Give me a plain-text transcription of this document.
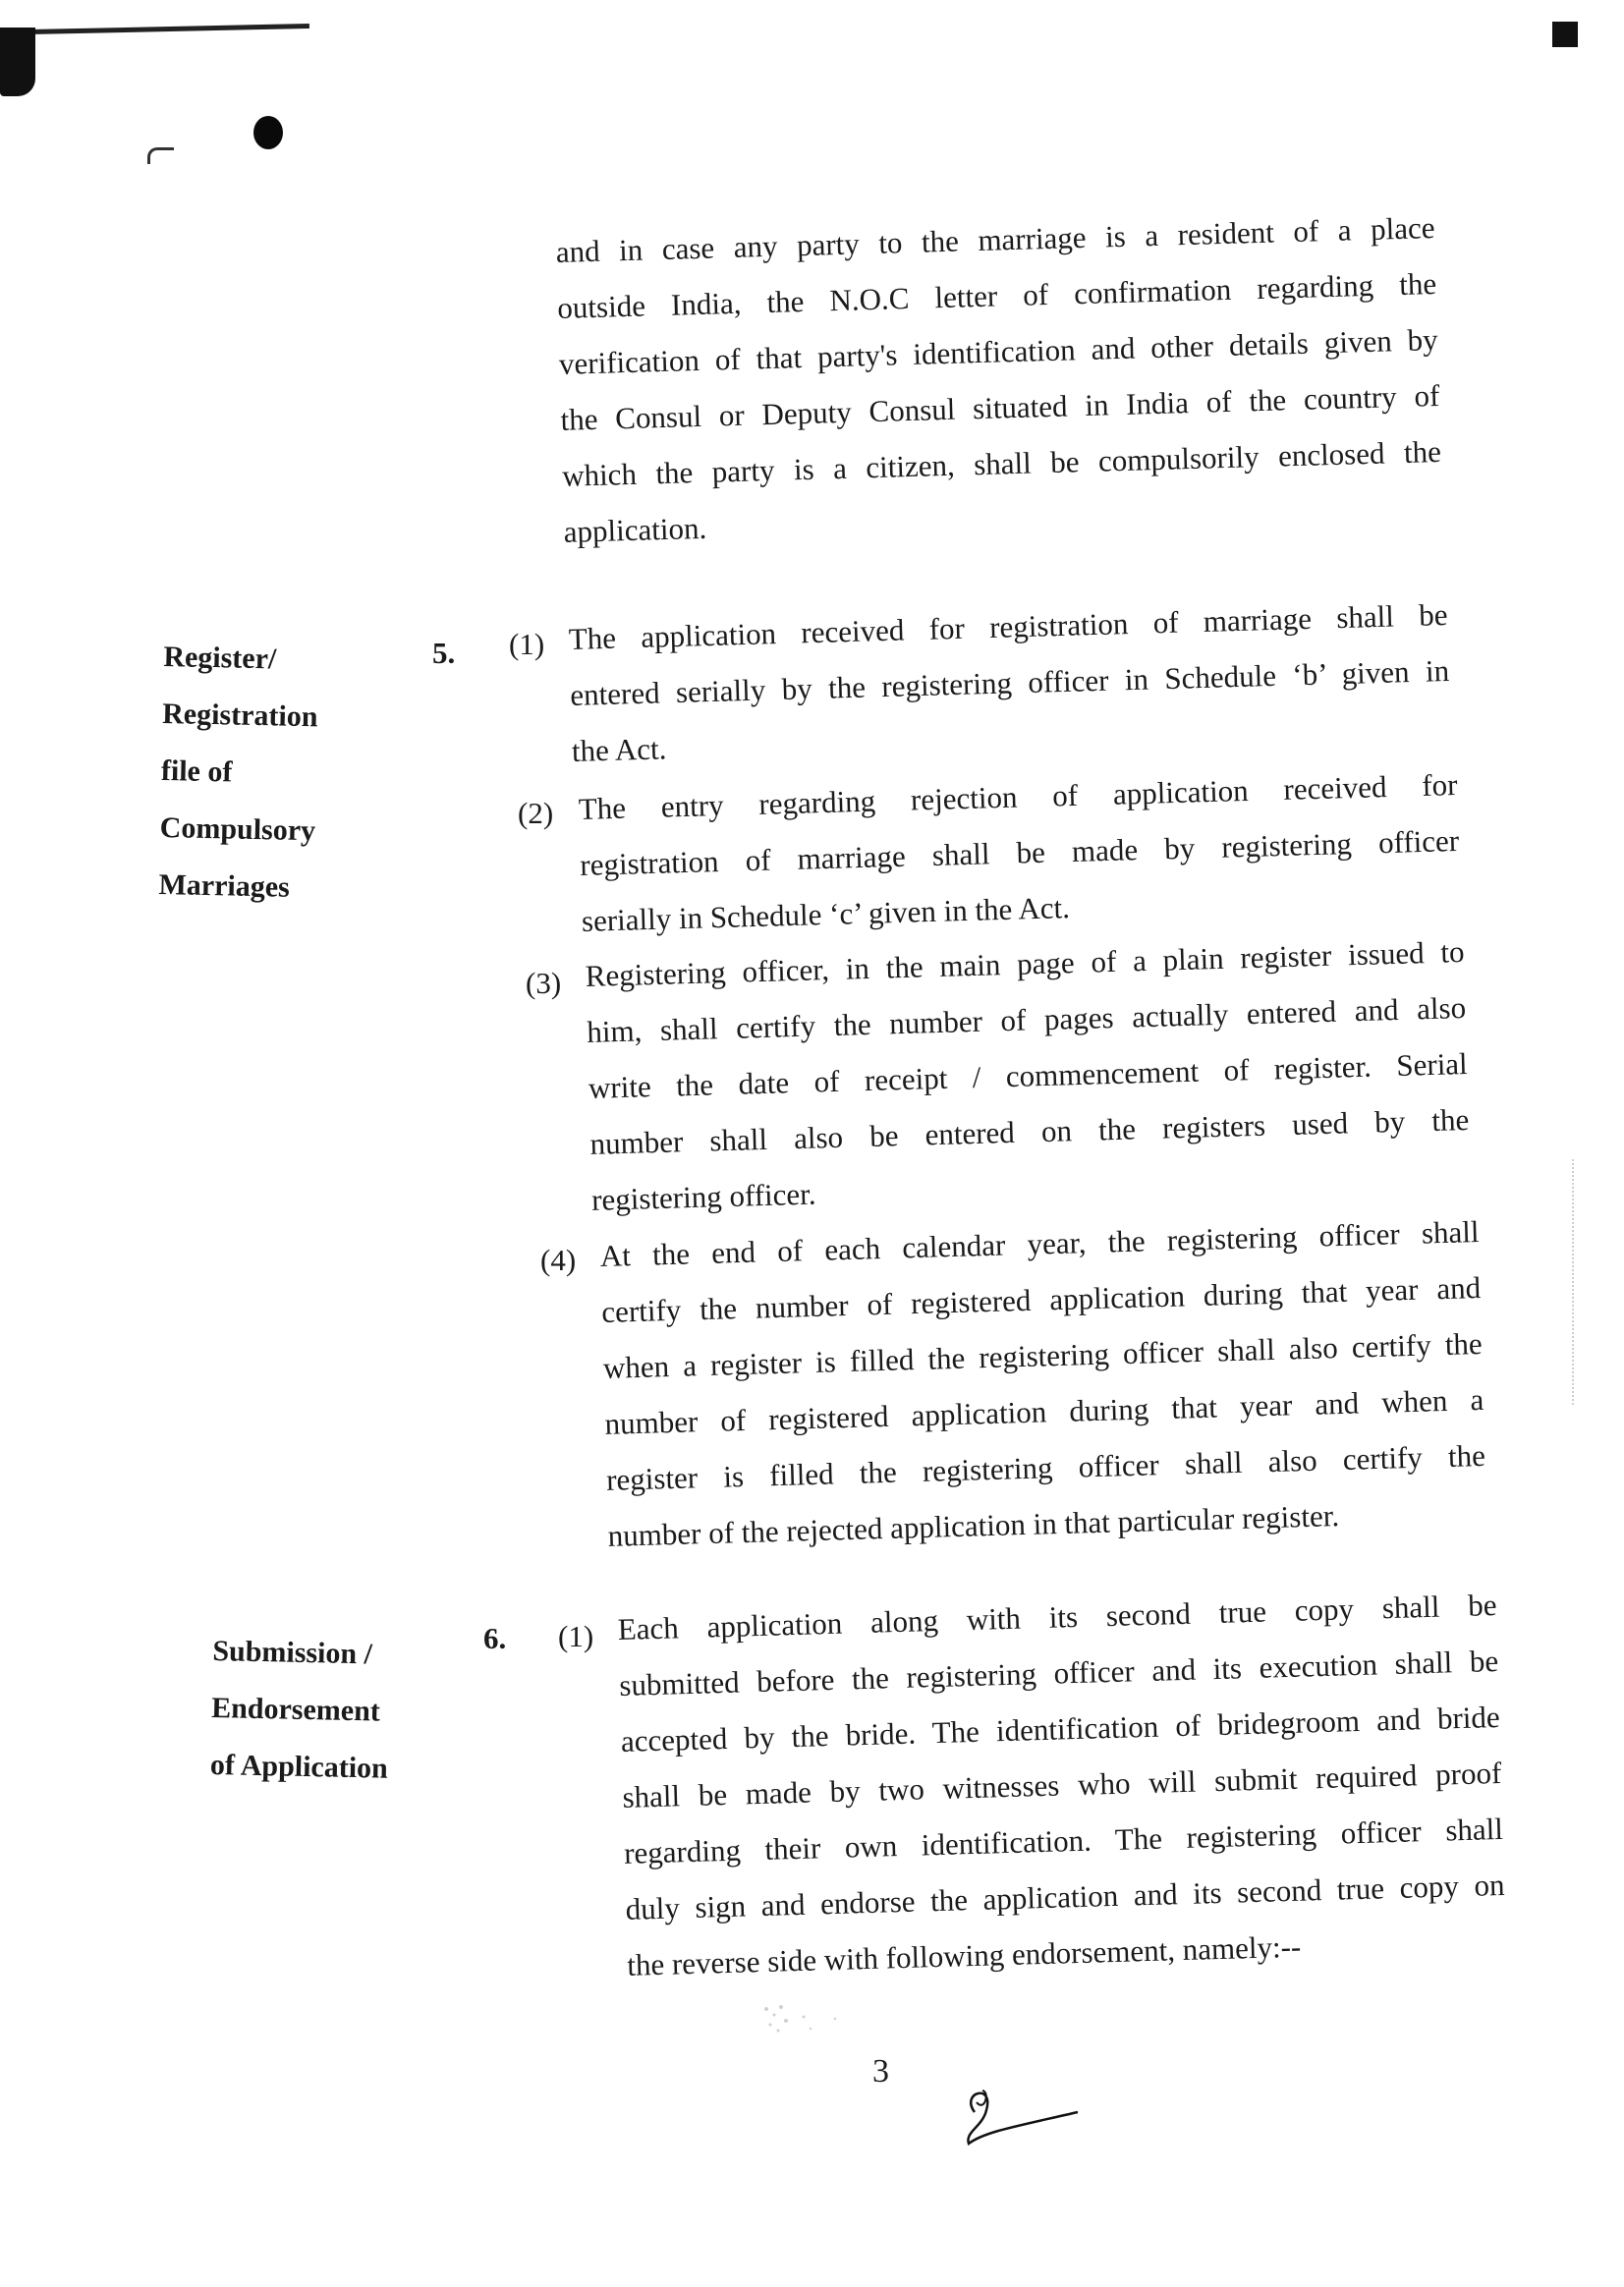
and in case any party to the marriage is a resident of a place
outside India, the N.O.C letter of confirmation regarding the
verification of that party's identification and other details given by
the Consul or Deputy Consul situated in India of the country of
which the party is a citizen, shall be compulsorily enclosed the
application.
Register/
Registration
file of
Compulsory
Marriages
5. (1) The application received for registration of marriage shall be
entered serially by the registering officer in Schedule ‘b’ given in
the Act.
(2) The entry regarding rejection of application received for
registration of marriage shall be made by registering officer
serially in Schedule ‘c’ given in the Act.
(3) Registering officer, in the main page of a plain register issued to
him, shall certify the number of pages actually entered and also
write the date of receipt / commencement of register. Serial
number shall also be entered on the registers used by the
registering officer.
(4) At the end of each calendar year, the registering officer shall
certify the number of registered application during that year and
when a register is filled the registering officer shall also certify the
number of registered application during that year and when a
register is filled the registering officer shall also certify the
number of the rejected application in that particular register.
Submission /
Endorsement
of Application
6. (1) Each application along with its second true copy shall be
submitted before the registering officer and its execution shall be
accepted by the bride. The identification of bridegroom and bride
shall be made by two witnesses who will submit required proof
regarding their own identification. The registering officer shall
duly sign and endorse the application and its second true copy on
the reverse side with following endorsement, namely:--
3
